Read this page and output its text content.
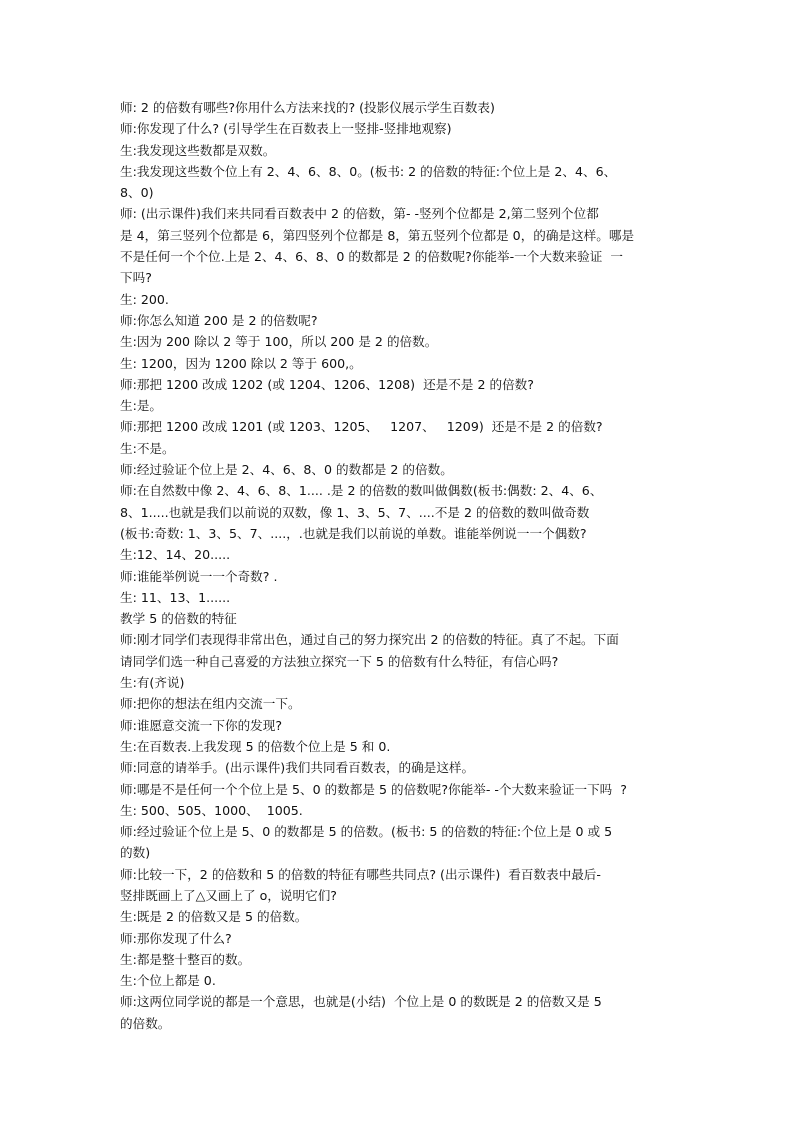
师: 2 的倍数有哪些?你用什么方法来找的? (投影仪展示学生百数表)
师:你发现了什么? (引导学生在百数表上一竖排-竖排地观察)
生:我发现这些数都是双数。
生:我发现这些数个位上有 2、4、6、8、0。(板书: 2 的倍数的特征:个位上是 2、4、6、
8、0)
师: (出示课件)我们来共同看百数表中 2 的倍数，第- -竖列个位都是 2,第二竖列个位都
是 4，第三竖列个位都是 6，第四竖列个位都是 8，第五竖列个位都是 0，的确是这样。哪是
不是任何一个个位.上是 2、4、6、8、0 的数都是 2 的倍数呢?你能举-一个大数来验证  一
下吗?
生: 200.
师:你怎么知道 200 是 2 的倍数呢?
生:因为 200 除以 2 等于 100，所以 200 是 2 的倍数。
生: 1200，因为 1200 除以 2 等于 600,。
师:那把 1200 改成 1202 (或 1204、1206、1208)  还是不是 2 的倍数?
生:是。
师:那把 1200 改成 1201 (或 1203、1205、   1207、   1209)  还是不是 2 的倍数?
生:不是。
师:经过验证个位上是 2、4、6、8、0 的数都是 2 的倍数。
师:在自然数中像 2、4、6、8、1.... .是 2 的倍数的数叫做偶数(板书:偶数: 2、4、6、
8、1.....也就是我们以前说的双数，像 1、3、5、7、....不是 2 的倍数的数叫做奇数
(板书:奇数: 1、3、5、7、....，.也就是我们以前说的单数。谁能举例说一一个偶数?
生:12、14、20.....
师:谁能举例说一一个奇数? .
生: 11、13、1......
教学 5 的倍数的特征
师:刚才同学们表现得非常出色，通过自己的努力探究出 2 的倍数的特征。真了不起。下面
请同学们选一种自己喜爱的方法独立探究一下 5 的倍数有什么特征，有信心吗?
生:有(齐说)
师:把你的想法在组内交流一下。
师:谁愿意交流一下你的发现?
生:在百数表.上我发现 5 的倍数个位上是 5 和 0.
师:同意的请举手。(出示课件)我们共同看百数表，的确是这样。
师:哪是不是任何一个个位上是 5、0 的数都是 5 的倍数呢?你能举- -个大数来验证一下吗  ?
生: 500、505、1000、  1005.
师:经过验证个位上是 5、0 的数都是 5 的倍数。(板书: 5 的倍数的特征:个位上是 0 或 5
的数)
师:比较一下，2 的倍数和 5 的倍数的特征有哪些共同点? (出示课件)  看百数表中最后-
竖排既画上了△又画上了 o，说明它们?
生:既是 2 的倍数又是 5 的倍数。
师:那你发现了什么?
生:都是整十整百的数。
生:个位上都是 0.
师:这两位同学说的都是一个意思，也就是(小结)  个位上是 0 的数既是 2 的倍数又是 5
的倍数。
